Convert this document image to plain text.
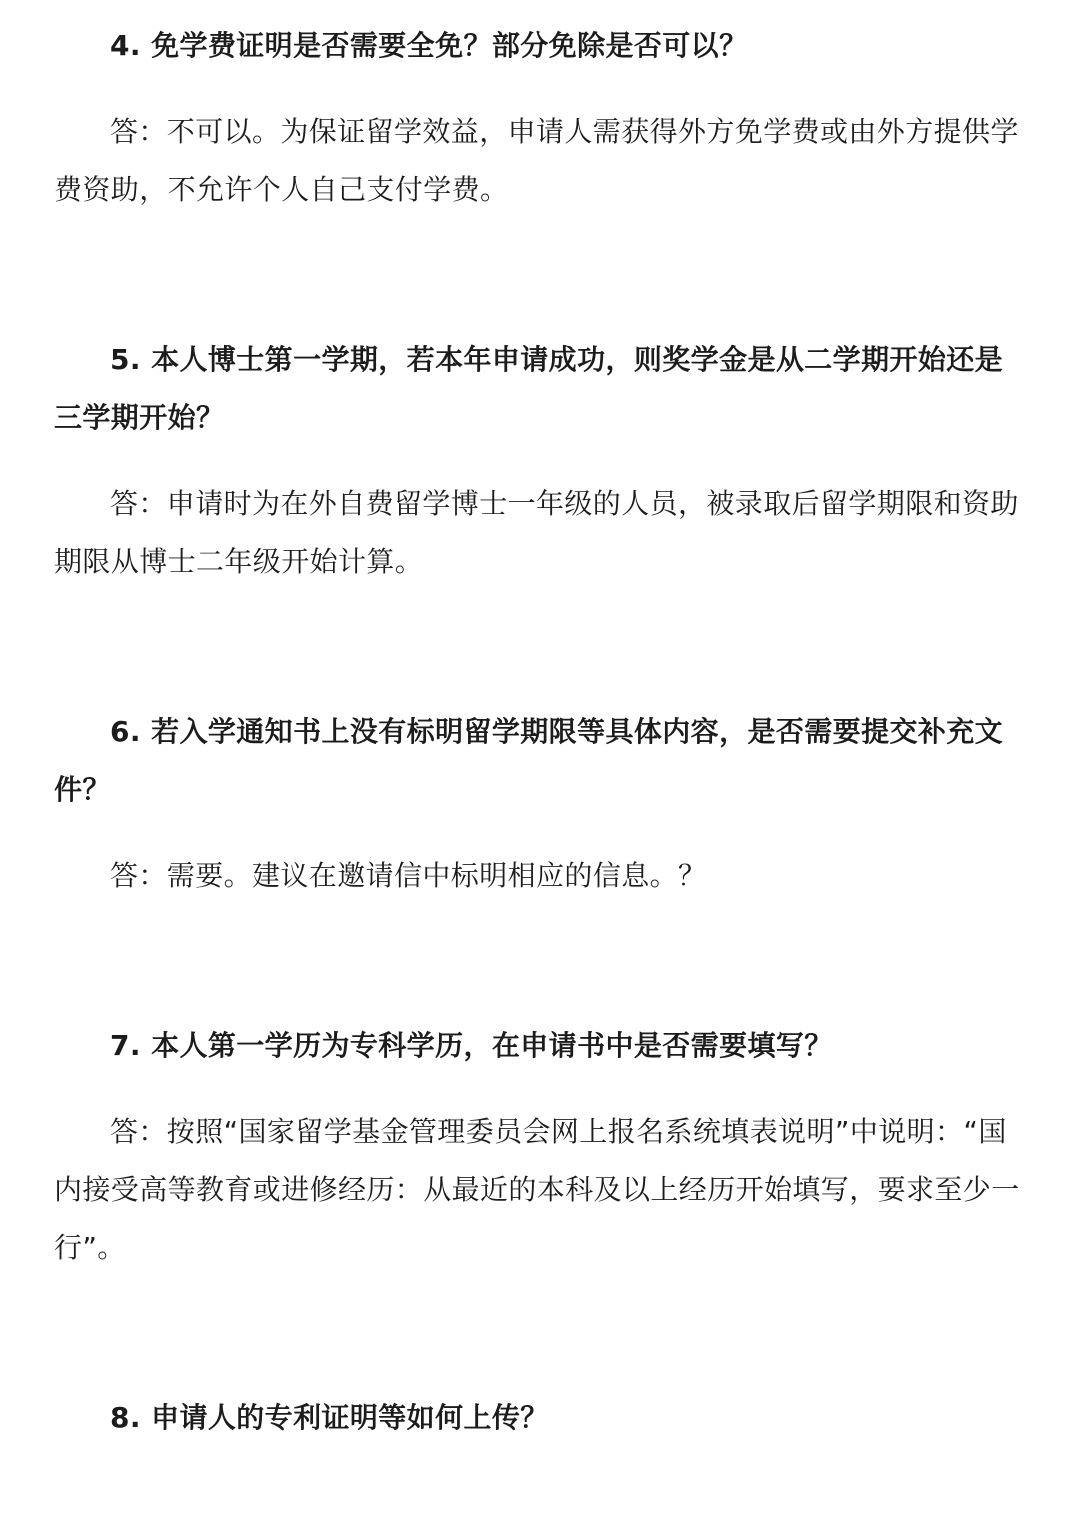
4. 免学费证明是否需要全免？部分免除是否可以？
答：不可以。为保证留学效益，申请人需获得外方免学费或由外方提供学
费资助，不允许个人自己支付学费。
5. 本人博士第一学期，若本年申请成功，则奖学金是从二学期开始还是
三学期开始？
答：申请时为在外自费留学博士一年级的人员，被录取后留学期限和资助
期限从博士二年级开始计算。
6. 若入学通知书上没有标明留学期限等具体内容，是否需要提交补充文
件？
答：需要。建议在邀请信中标明相应的信息。？
7. 本人第一学历为专科学历，在申请书中是否需要填写？
答：按照“国家留学基金管理委员会网上报名系统填表说明”中说明：“国
内接受高等教育或进修经历：从最近的本科及以上经历开始填写，要求至少一
行”。
8. 申请人的专利证明等如何上传？
